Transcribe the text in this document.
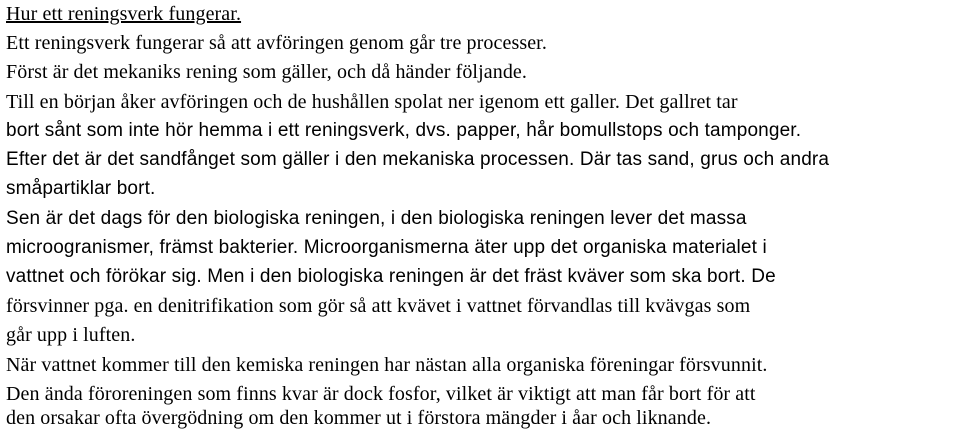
Hur ett reningsverk fungerar.
Ett reningsverk fungerar så att avföringen genom går tre processer.
Först är det mekaniks rening som gäller, och då händer följande.
Till en början åker avföringen och de hushållen spolat ner igenom ett galler. Det gallret tar
bort sånt som inte hör hemma i ett reningsverk, dvs. papper, hår bomullstops och tamponger.
Efter det är det sandfånget som gäller i den mekaniska processen. Där tas sand, grus och andra
småpartiklar bort.
Sen är det dags för den biologiska reningen, i den biologiska reningen lever det massa
microogranismer, främst bakterier. Microorganismerna äter upp det organiska materialet i
vattnet och förökar sig. Men i den biologiska reningen är det fräst kväver som ska bort. De
försvinner pga. en denitrifikation som gör så att kvävet i vattnet förvandlas till kvävgas som
går upp i luften.
När vattnet kommer till den kemiska reningen har nästan alla organiska föreningar försvunnit.
Den ända föroreningen som finns kvar är dock fosfor, vilket är viktigt att man får bort för att
den orsakar ofta övergödning om den kommer ut i förstora mängder i åar och liknande.
